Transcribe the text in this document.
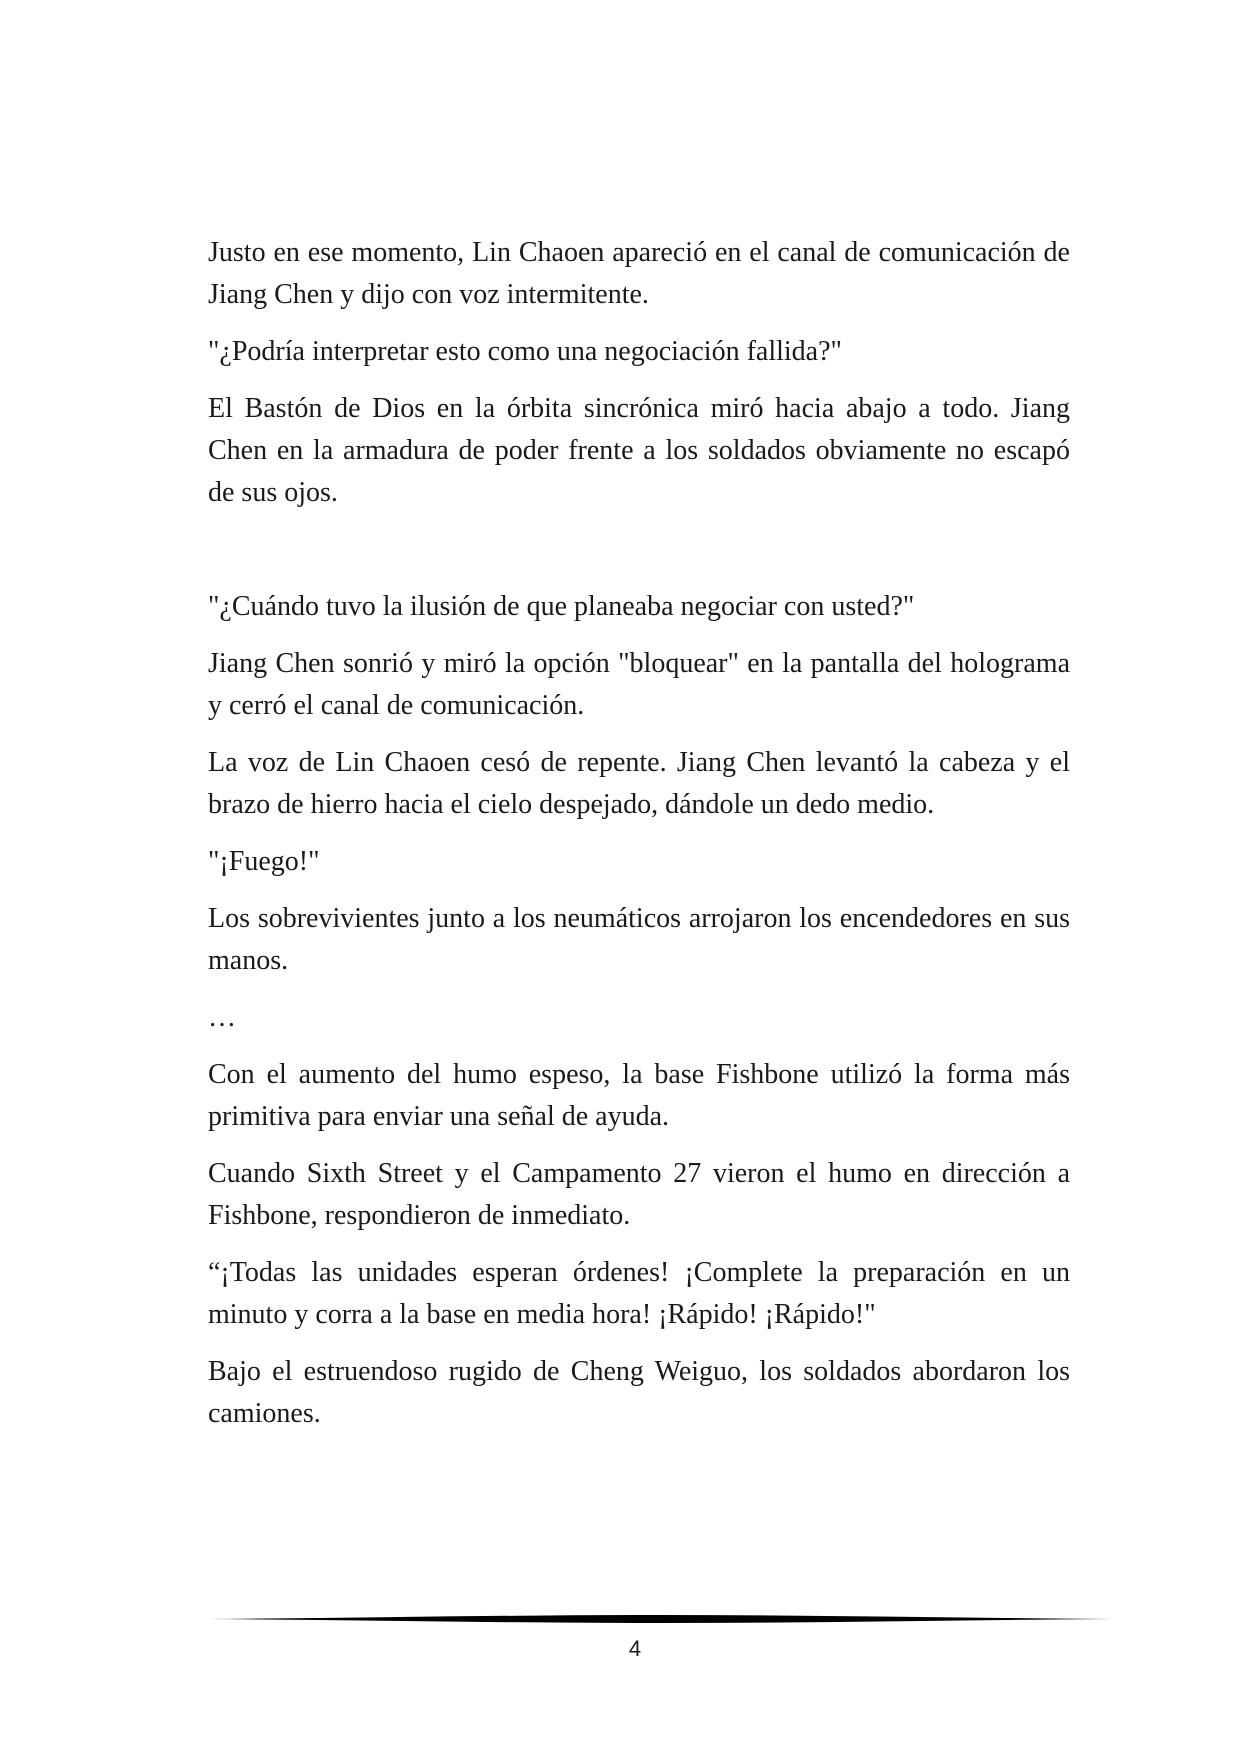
Justo en ese momento, Lin Chaoen apareció en el canal de comunicación de Jiang Chen y dijo con voz intermitente.

"¿Podría interpretar esto como una negociación fallida?"

El Bastón de Dios en la órbita sincrónica miró hacia abajo a todo. Jiang Chen en la armadura de poder frente a los soldados obviamente no escapó de sus ojos.

"¿Cuándo tuvo la ilusión de que planeaba negociar con usted?"

Jiang Chen sonrió y miró la opción "bloquear" en la pantalla del holograma y cerró el canal de comunicación.

La voz de Lin Chaoen cesó de repente. Jiang Chen levantó la cabeza y el brazo de hierro hacia el cielo despejado, dándole un dedo medio.

"¡Fuego!"

Los sobrevivientes junto a los neumáticos arrojaron los encendedores en sus manos.

…

Con el aumento del humo espeso, la base Fishbone utilizó la forma más primitiva para enviar una señal de ayuda.

Cuando Sixth Street y el Campamento 27 vieron el humo en dirección a Fishbone, respondieron de inmediato.

“¡Todas las unidades esperan órdenes! ¡Complete la preparación en un minuto y corra a la base en media hora! ¡Rápido! ¡Rápido!"

Bajo el estruendoso rugido de Cheng Weiguo, los soldados abordaron los camiones.

4
